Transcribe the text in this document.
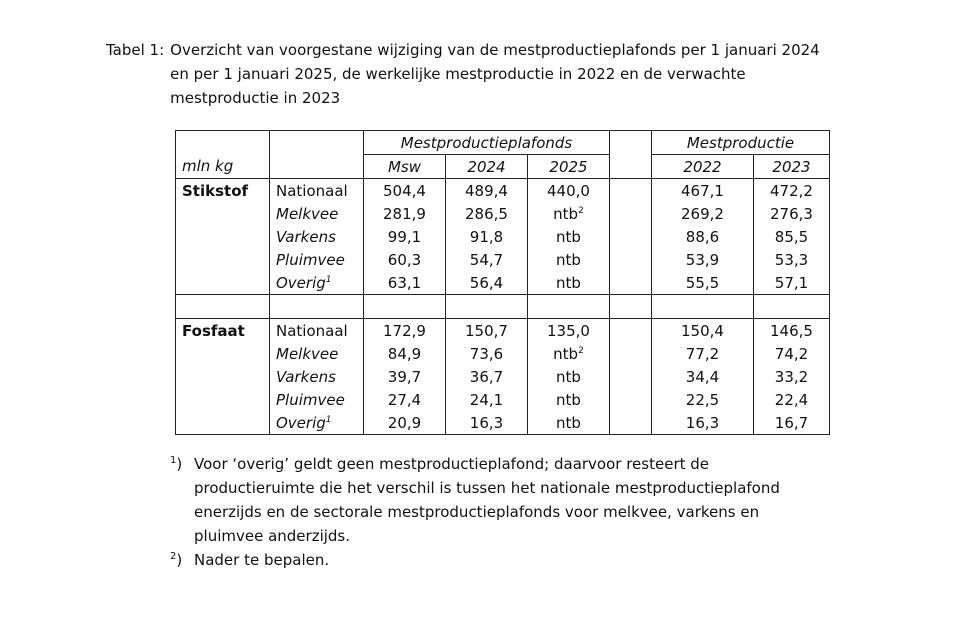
Tabel 1: Overzicht van voorgestane wijziging van de mestproductieplafonds per 1 januari 2024 en per 1 januari 2025, de werkelijke mestproductie in 2022 en de verwachte mestproductie in 2023
		Mestproductieplafonds				Mestproductie	
mln kg		Msw	2024	2025		2022	2023
Stikstof	Nationaal	504,4	489,4	440,0		467,1	472,2
	Melkvee	281,9	286,5	ntb$^2$		269,2	276,3
	Varkens	99,1	91,8	ntb		88,6	85,5
	Pluimvee	60,3	54,7	ntb		53,9	53,3
	Overig$^1$	63,1	56,4	ntb		55,5	57,1

Fosfaat	Nationaal	172,9	150,7	135,0		150,4	146,5
	Melkvee	84,9	73,6	ntb$^2$		77,2	74,2
	Varkens	39,7	36,7	ntb		34,4	33,2
	Pluimvee	27,4	24,1	ntb		22,5	22,4
	Overig$^1$	20,9	16,3	ntb		16,3	16,7
$^1$) Voor ‘overig’ geldt geen mestproductieplafond; daarvoor resteert de productieruimte die het verschil is tussen het nationale mestproductieplafond enerzijds en de sectorale mestproductieplafonds voor melkvee, varkens en pluimvee anderzijds.
$^2$) Nader te bepalen.
